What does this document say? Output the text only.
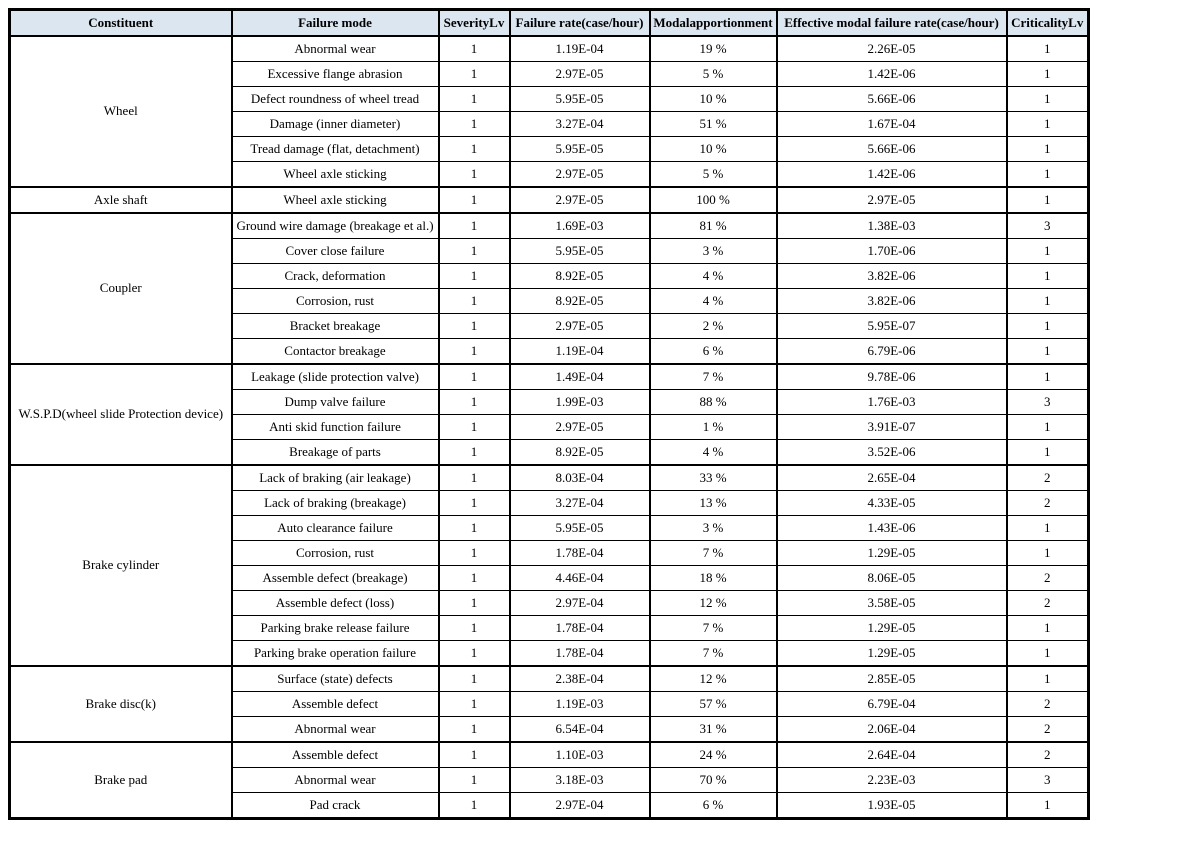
Constituent	Failure mode	SeverityLv	Failure rate(case/hour)	Modalapportionment	Effective modal failure rate(case/hour)	CriticalityLv
Wheel	Abnormal wear	1	1.19E-04	19 %	2.26E-05	1
	Excessive flange abrasion	1	2.97E-05	5 %	1.42E-06	1
	Defect roundness of wheel tread	1	5.95E-05	10 %	5.66E-06	1
	Damage (inner diameter)	1	3.27E-04	51 %	1.67E-04	1
	Tread damage (flat, detachment)	1	5.95E-05	10 %	5.66E-06	1
	Wheel axle sticking	1	2.97E-05	5 %	1.42E-06	1
Axle shaft	Wheel axle sticking	1	2.97E-05	100 %	2.97E-05	1
Coupler	Ground wire damage (breakage et al.)	1	1.69E-03	81 %	1.38E-03	3
	Cover close failure	1	5.95E-05	3 %	1.70E-06	1
	Crack, deformation	1	8.92E-05	4 %	3.82E-06	1
	Corrosion, rust	1	8.92E-05	4 %	3.82E-06	1
	Bracket breakage	1	2.97E-05	2 %	5.95E-07	1
	Contactor breakage	1	1.19E-04	6 %	6.79E-06	1
W.S.P.D(wheel slide Protection device)	Leakage (slide protection valve)	1	1.49E-04	7 %	9.78E-06	1
	Dump valve failure	1	1.99E-03	88 %	1.76E-03	3
	Anti skid function failure	1	2.97E-05	1 %	3.91E-07	1
	Breakage of parts	1	8.92E-05	4 %	3.52E-06	1
Brake cylinder	Lack of braking (air leakage)	1	8.03E-04	33 %	2.65E-04	2
	Lack of braking (breakage)	1	3.27E-04	13 %	4.33E-05	2
	Auto clearance failure	1	5.95E-05	3 %	1.43E-06	1
	Corrosion, rust	1	1.78E-04	7 %	1.29E-05	1
	Assemble defect (breakage)	1	4.46E-04	18 %	8.06E-05	2
	Assemble defect (loss)	1	2.97E-04	12 %	3.58E-05	2
	Parking brake release failure	1	1.78E-04	7 %	1.29E-05	1
	Parking brake operation failure	1	1.78E-04	7 %	1.29E-05	1
Brake disc(k)	Surface (state) defects	1	2.38E-04	12 %	2.85E-05	1
	Assemble defect	1	1.19E-03	57 %	6.79E-04	2
	Abnormal wear	1	6.54E-04	31 %	2.06E-04	2
Brake pad	Assemble defect	1	1.10E-03	24 %	2.64E-04	2
	Abnormal wear	1	3.18E-03	70 %	2.23E-03	3
	Pad crack	1	2.97E-04	6 %	1.93E-05	1
